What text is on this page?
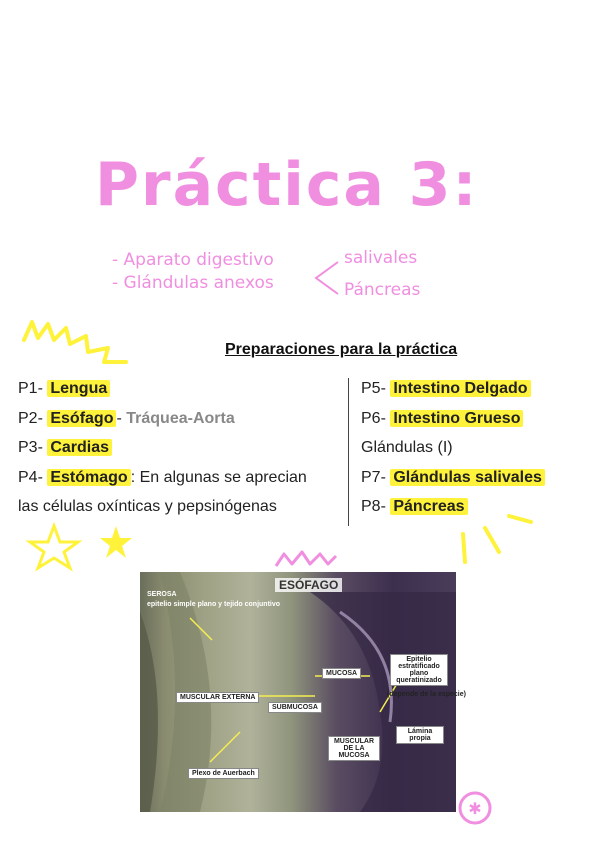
Práctica 3:
- Aparato digestivo
- Glándulas anexos
salivales
Páncreas
✱
Preparaciones para la práctica
P1- Lengua
P2- Esófago - Tráquea-Aorta
P3- Cardias
P4- Estómago : En algunas se aprecian
las células oxínticas y pepsinógenas
P5- Intestino Delgado
P6- Intestino Grueso
Glándulas (I)
P7- Glándulas salivales
P8- Páncreas
ESÓFAGO
SEROSA
epitelio simple plano y tejido conjuntivo
MUCOSA
Epitelio estratificado plano queratinizado
(depende de la especie)
MUSCULAR EXTERNA
SUBMUCOSA
Lámina propia
MUSCULAR DE LA MUCOSA
Plexo de Auerbach
